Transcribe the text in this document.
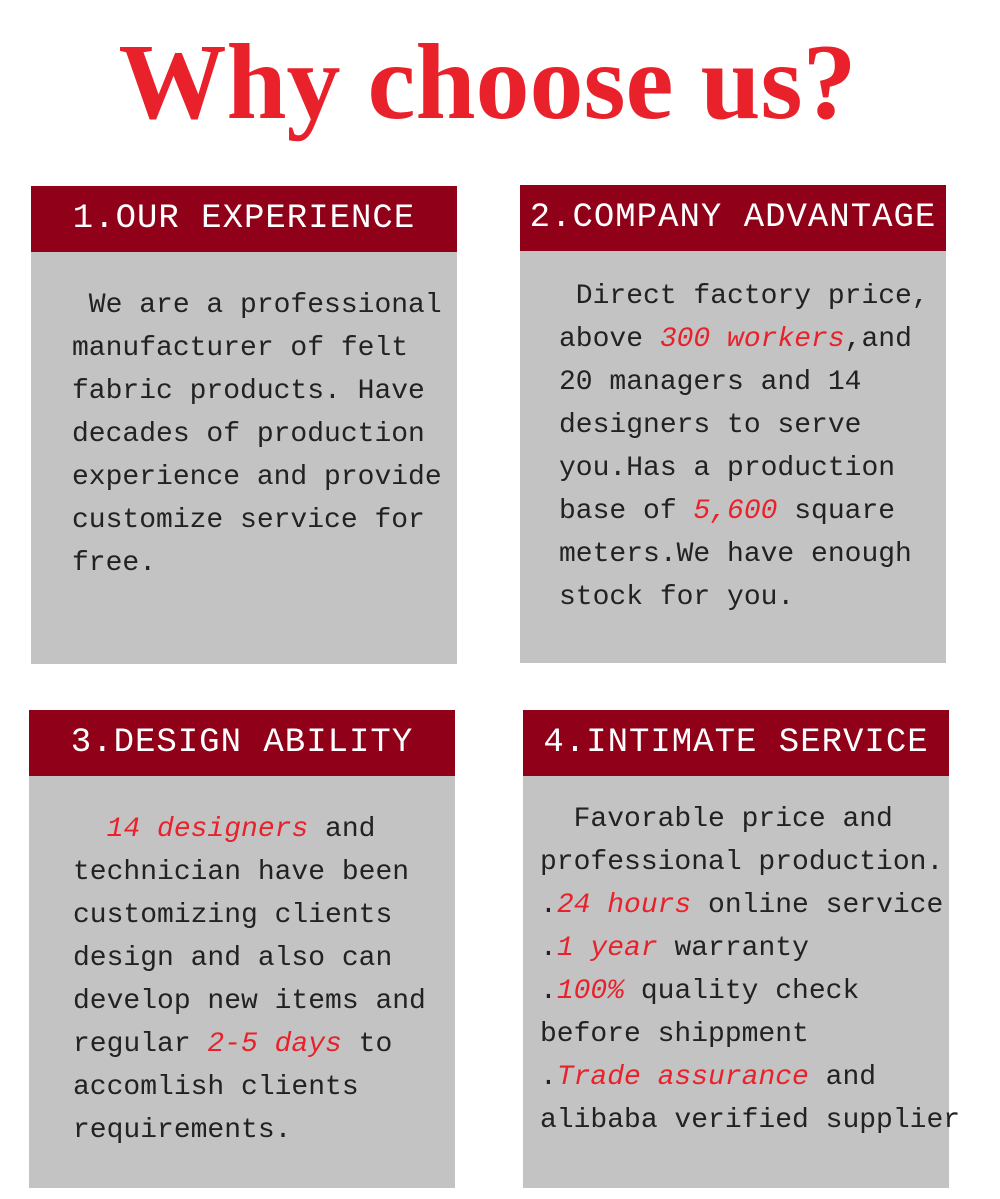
Why choose us?
1.OUR EXPERIENCE
We are a professional
manufacturer of felt
fabric products. Have
decades of production
experience and provide
customize service for
free.
2.COMPANY ADVANTAGE
Direct factory price,
above 300 workers,and
20 managers and 14
designers to serve
you.Has a production
base of 5,600 square
meters.We have enough
stock for you.
3.DESIGN ABILITY
14 designers and
technician have been
customizing clients
design and also can
develop new items and
regular 2-5 days to
accomlish clients
requirements.
4.INTIMATE SERVICE
Favorable price and
professional production.
.24 hours online service
.1 year warranty
.100% quality check
before shippment
.Trade assurance and
alibaba verified supplier
